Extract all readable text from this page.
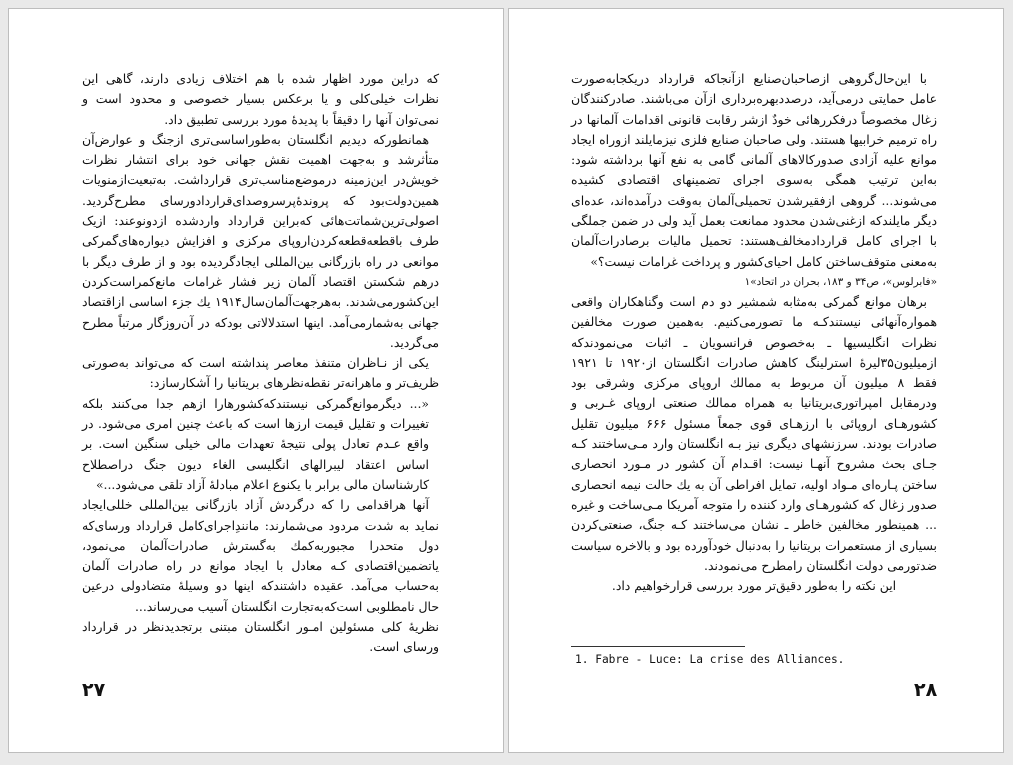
که دراین مورد اظهار شده با هم اختلاف زیادی دارند، گاهی این نظرات خیلی‌کلی و یا برعکس بسیار خصوصی و محدود است و نمی‌توان آنها را دقیقاً با پدیدهٔ مورد بررسی تطبیق داد.

همانطورکه دیدیم انگلستان به‌طوراساسی‌تری ازجنگ و عوارض‌آن متأثرشد و به‌جهت اهمیت نقش جهانی خود برای انتشار نظرات خویش‌در این‌زمینه درموضع‌مناسب‌تری قرارداشت. به‌تبعیت‌ازمنویات همین‌دولت‌بود که پروندهٔ‌پرسروصدای‌قراردادورسای مطرح‌گردید. اصولی‌ترین‌شماتت‌هائی که‌براین قرارداد واردشده ازدونوعند: ازیک طرف باقطعه‌قطعه‌کردن‌اروپای مرکزی و افزایش دیواره‌های‌گمرکی موانعی در راه بازرگانی بین‌المللی ایجادگردیده بود و از طرف دیگر با درهم شکستن اقتصاد آلمان زیر فشار غرامات مانع‌کمراست‌کردن این‌کشورمی‌شدند. به‌هرجهت‌آلمان‌سال۱۹۱۴ یك جزء اساسی ازاقتصاد جهانی به‌شمارمی‌آمد. اینها استدلالاتی بودکه در آن‌روزگار مرتباً مطرح می‌گردید.

یکی از نـاظران متنفذ معاصر پنداشته است که می‌تواند به‌صورتی ظریف‌تر و ماهرانه‌تر نقطه‌نظرهای بریتانیا را آشکارسازد:

«... دیگرموانع‌گمرکی نیستندکه‌کشورهارا ازهم جدا می‌کنند بلکه تغییرات و تقلیل قیمت ارزها است که باعث چنین امری می‌شود. در واقع عـدم تعادل پولی نتیجهٔ تعهدات مالی خیلی سنگین است. بر اساس اعتقاد لیبرالهای انگلیسی الغاء دیون جنگ دراصطلاح کارشناسان مالی برابر با یکنوع اعلام مبادلهٔ آزاد تلقی می‌شود...»

آنها هراقدامی را که درگردش آزاد بازرگانی بین‌المللی خللی‌ایجاد نماید به شدت مردود می‌شمارند: مانندِاجرای‌کامل قرارداد ورسای‌که دول متحدرا مجبوربه‌کمك به‌گسترش صادرات‌آلمان می‌نمود، یاتضمین‌اقتصادی کـه معادل با ایجاد موانع در راه صادرات آلمان به‌حساب می‌آمد. عقیده داشتندکه اینها دو وسیلهٔ متضادولی درعین حال نامطلوبی است‌که‌به‌تجارت انگلستان آسیب می‌رساند...

نظریهٔ کلی مسئولین امـور انگلستان مبتنی برتجدیدنظر در قرارداد ورسای است.

۲۷

با این‌حال‌گروهی ازصاحبان‌صنایع ازآنجاکه قرارداد دریکجابه‌صورت عامل حمایتی درمی‌آید، درصددبهره‌برداری ازآن می‌باشند. صادرکنندگان زغال مخصوصاً درفکررهائی خودٌ ازشر رقابت قانونی اقدامات آلمانها در راه ترمیم خرابیها هستند. ولی صاحبان صنایع فلزی نیزمایلند ازوراه ایجاد موانع علیه آزادی صدورکالاهای آلمانی گامی به نفع آنها برداشته شود: به‌این ترتیب همگی به‌سوی اجرای تضمینهای اقتصادی کشیده می‌شوند... گروهی ازفقیرشدن تحمیلی‌آلمان به‌وقت درآمده‌اند، عده‌ای دیگر مایلندکه ازغنی‌شدن محدود ممانعت بعمل آید ولی در ضمن جملگی با اجرای کامل قراردادمخالف‌هستند: تحمیل مالیات برصادرات‌آلمان به‌معنی متوقف‌ساختن کامل احیای‌کشور و پرداخت غرامات نیست؟»

«فابرلوس»، ص۳۴ و ۱۸۳، بحران در اتحاد»۱

برهان موانع گمرکی به‌مثابه شمشیر دو دم است وگناهکاران واقعی همواره‌آنهائی نیستندکـه ما تصورمی‌کنیم. به‌همین صورت مخالفین نظرات انگلیسیها ـ به‌خصوص فرانسویان ـ اثبات می‌نمودندکه ازمیلیون۳۵لیرهٔ استرلینگ کاهش صادرات انگلستان از۱۹۲۰ تا ۱۹۲۱ فقط ۸ میلیون آن مربوط به ممالك اروپای مرکزی وشرقی بود ودرمقابل امپراتوری‌بریتانیا به همراه ممالك صنعتی اروپای غـربی و کشورهـای اروپائی با ارزهـای قوی جمعاً مسئول ۶۶۶ میلیون تقلیل صادرات بودند. سرزنشهای دیگری نیز بـه انگلستان وارد مـی‌ساختند کـه جـای بحث مشروح آنهـا نیست: اقـدام آن کشور در مـورد انحصاری ساختن پـاره‌ای مـواد اولیه، تمایل افراطی آن به یك حالت نیمه انحصاری صدور زغال که کشورهـای وارد کننده را متوجه آمریکا مـی‌ساخت و غیره ... همینطور مخالفین خاطر ـ نشان می‌ساختند کـه جنگ، صنعتی‌کردن بسیاری از مستعمرات بریتانیا را به‌دنبال خودآورده بود و بالاخره سیاست ضدتورمی دولت انگلستان رامطرح می‌نمودند.

این نکته را به‌طور دقیق‌تر مورد بررسی قرارخواهیم داد.

1. Fabre - Luce: La crise des Alliances.
۲۸
